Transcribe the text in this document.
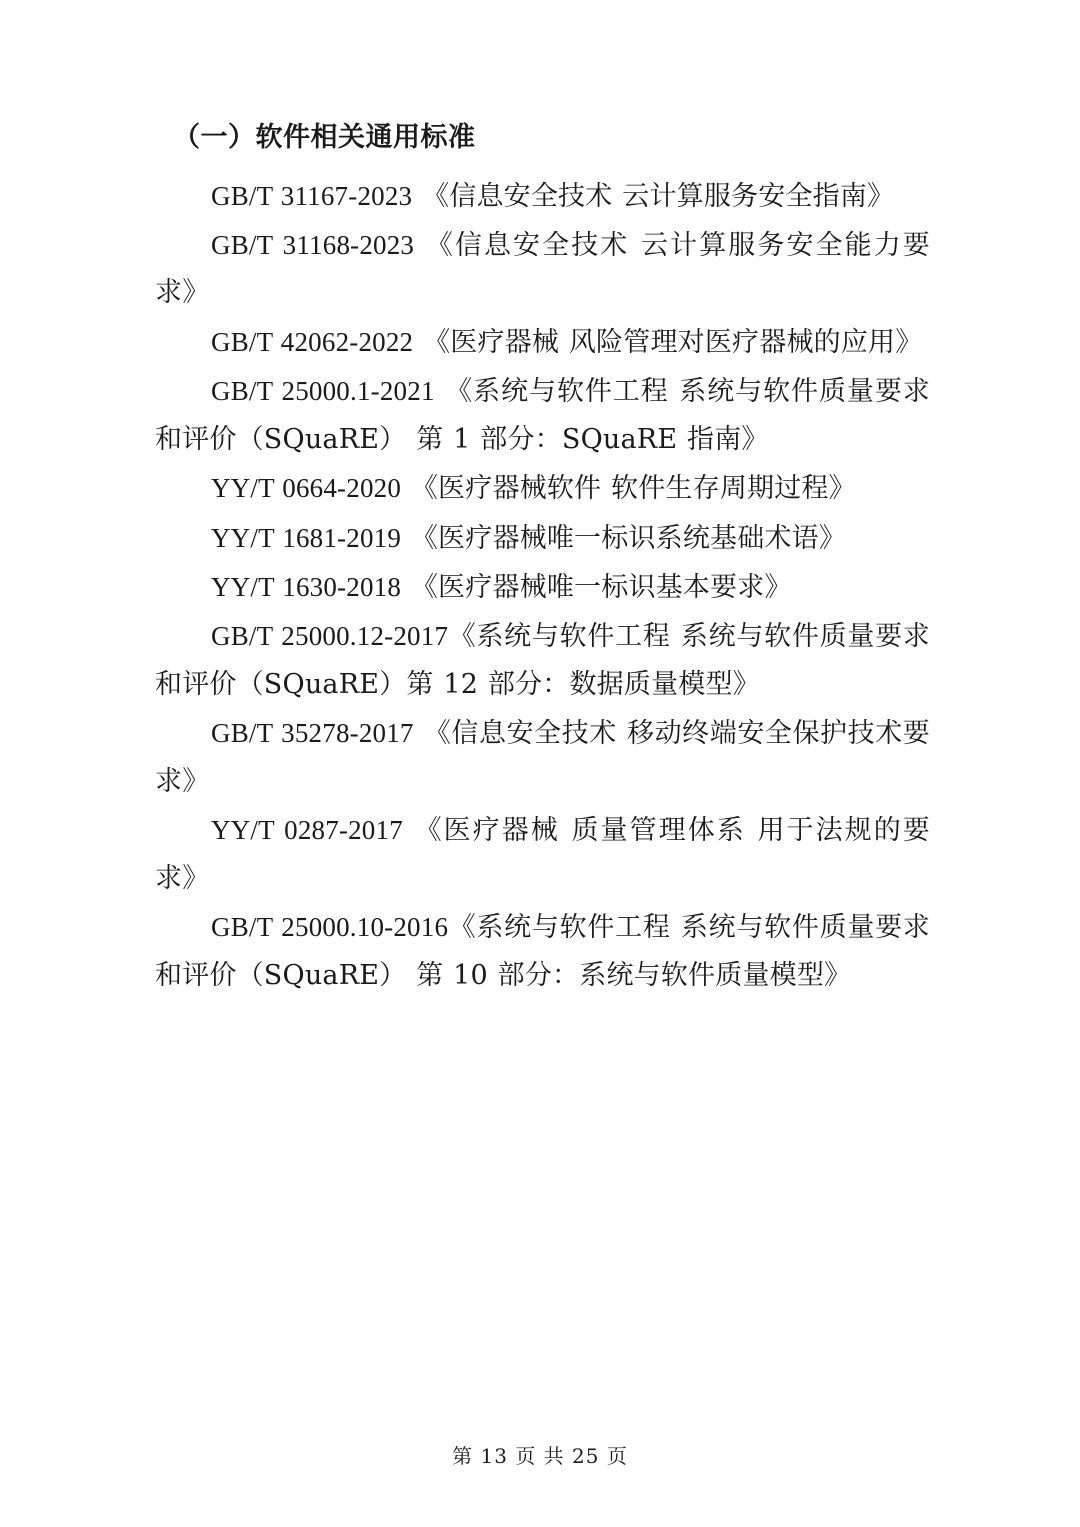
（一）软件相关通用标准

GB/T 31167-2023 《信息安全技术 云计算服务安全指南》

GB/T 31168-2023 《信息安全技术 云计算服务安全能力要求》

GB/T 42062-2022 《医疗器械 风险管理对医疗器械的应用》

GB/T 25000.1-2021 《系统与软件工程 系统与软件质量要求和评价（SQuaRE） 第 1 部分：SQuaRE 指南》

YY/T 0664-2020 《医疗器械软件 软件生存周期过程》

YY/T 1681-2019 《医疗器械唯一标识系统基础术语》

YY/T 1630-2018 《医疗器械唯一标识基本要求》

GB/T 25000.12-2017《系统与软件工程 系统与软件质量要求和评价（SQuaRE）第 12 部分：数据质量模型》

GB/T 35278-2017 《信息安全技术 移动终端安全保护技术要求》

YY/T 0287-2017 《医疗器械 质量管理体系 用于法规的要求》

GB/T 25000.10-2016《系统与软件工程 系统与软件质量要求和评价（SQuaRE） 第 10 部分：系统与软件质量模型》

第 13 页 共 25 页
